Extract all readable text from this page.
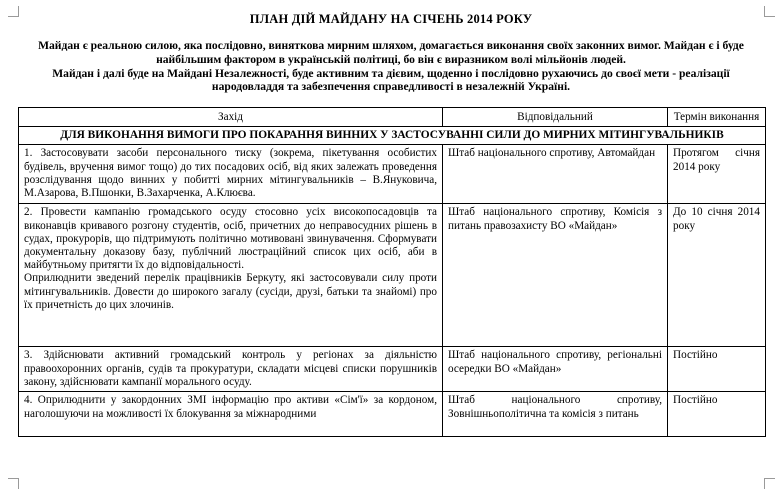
ПЛАН ДІЙ МАЙДАНУ НА СІЧЕНЬ 2014 РОКУ

Майдан є реальною силою, яка послідовно, виняткова мирним шляхом, домагається виконання своїх законних вимог. Майдан є і буде найбільшим фактором в українській політиці, бо він є виразником волі мільйонів людей.

Майдан і далі буде на Майдані Незалежності, буде активним та дієвим, щоденно і послідовно рухаючись до своєї мети - реалізації народовладдя та забезпечення справедливості в незалежній Україні.

Захід	Відповідальний	Термін виконання
ДЛЯ ВИКОНАННЯ ВИМОГИ ПРО ПОКАРАННЯ ВИННИХ У ЗАСТОСУВАННІ СИЛИ ДО МИРНИХ МІТИНГУВАЛЬНИКІВ		
1. Застосовувати засоби персонального тиску (зокрема, пікетування особистих будівель, вручення вимог тощо) до тих посадових осіб, від яких залежать проведення розслідування щодо винних у побитті мирних мітингувальників – В.Януковича, М.Азарова, В.Пшонки, В.Захарченка, А.Клюєва.	Штаб національного спротиву, Автомайдан	Протягом січня 2014 року

2. Провести кампанію громадського осуду стосовно усіх високопосадовців та виконавців кривавого розгону студентів, осіб, причетних до неправосудних рішень в судах, прокурорів, що підтримують політично мотивовані звинувачення. Сформувати документальну доказову базу, публічний люстраційний список цих осіб, аби в майбутньому притягти їх до відповідальності.

Оприлюднити зведений перелік працівників Беркуту, які застосовували силу проти мітингувальників. Довести до широкого загалу (сусіди, друзі, батьки та знайомі) про їх причетність до цих злочинів.	Штаб національного спротиву, Комісія з питань правозахисту ВО «Майдан»	До 10 січня 2014 року
3. Здійснювати активний громадський контроль у регіонах за діяльністю правоохоронних органів, судів та прокуратури, складати місцеві списки порушників закону, здійснювати кампанії морального осуду.	Штаб національного спротиву, регіональні осередки ВО «Майдан»	Постійно
4. Оприлюднити у закордонних ЗМІ інформацію про активи «Сім'ї» за кордоном, наголошуючи на можливості їх блокування за міжнародними	Штаб національного спротиву, Зовнішньополітична та комісія з питань	Постійно
